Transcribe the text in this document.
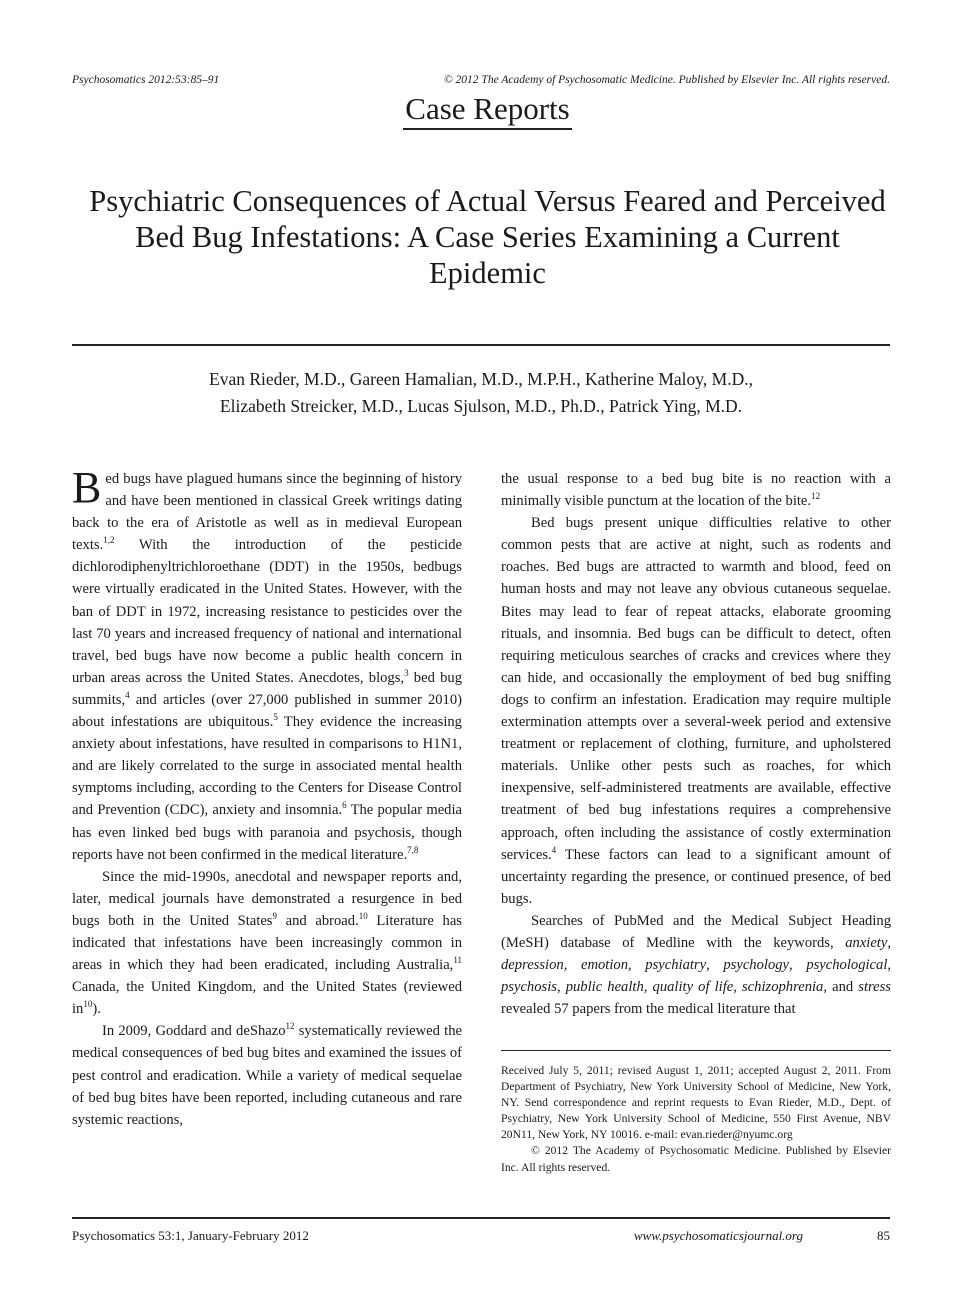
Psychosomatics 2012:53:85–91	© 2012 The Academy of Psychosomatic Medicine. Published by Elsevier Inc. All rights reserved.
Case Reports
Psychiatric Consequences of Actual Versus Feared and Perceived Bed Bug Infestations: A Case Series Examining a Current Epidemic
Evan Rieder, M.D., Gareen Hamalian, M.D., M.P.H., Katherine Maloy, M.D.,
Elizabeth Streicker, M.D., Lucas Sjulson, M.D., Ph.D., Patrick Ying, M.D.

Bed bugs have plagued humans since the beginning of history and have been mentioned in classical Greek writings dating back to the era of Aristotle as well as in medieval European texts.$^{1,2}$ With the introduction of the pesticide dichlorodiphenyltrichloroethane (DDT) in the 1950s, bedbugs were virtually eradicated in the United States. However, with the ban of DDT in 1972, increasing resistance to pesticides over the last 70 years and increased frequency of national and international travel, bed bugs have now become a public health concern in urban areas across the United States. Anecdotes, blogs,$^3$ bed bug summits,$^4$ and articles (over 27,000 published in summer 2010) about infestations are ubiquitous.$^5$ They evidence the increasing anxiety about infestations, have resulted in comparisons to H1N1, and are likely correlated to the surge in associated mental health symptoms including, according to the Centers for Disease Control and Prevention (CDC), anxiety and insomnia.$^6$ The popular media has even linked bed bugs with paranoia and psychosis, though reports have not been confirmed in the medical literature.$^{7,8}$

Since the mid-1990s, anecdotal and newspaper reports and, later, medical journals have demonstrated a resurgence in bed bugs both in the United States$^9$ and abroad.$^{10}$ Literature has indicated that infestations have been increasingly common in areas in which they had been eradicated, including Australia,$^{11}$ Canada, the United Kingdom, and the United States (reviewed $in^{10}$).

In 2009, Goddard and deShazo$^{12}$ systematically reviewed the medical consequences of bed bug bites and examined the issues of pest control and eradication. While a variety of medical sequelae of bed bug bites have been reported, including cutaneous and rare systemic reactions,

the usual response to a bed bug bite is no reaction with a minimally visible punctum at the location of the bite.$^{12}$

Bed bugs present unique difficulties relative to other common pests that are active at night, such as rodents and roaches. Bed bugs are attracted to warmth and blood, feed on human hosts and may not leave any obvious cutaneous sequelae. Bites may lead to fear of repeat attacks, elaborate grooming rituals, and insomnia. Bed bugs can be difficult to detect, often requiring meticulous searches of cracks and crevices where they can hide, and occasionally the employment of bed bug sniffing dogs to confirm an infestation. Eradication may require multiple extermination attempts over a several-week period and extensive treatment or replacement of clothing, furniture, and upholstered materials. Unlike other pests such as roaches, for which inexpensive, self-administered treatments are available, effective treatment of bed bug infestations requires a comprehensive approach, often including the assistance of costly extermination services.$^4$ These factors can lead to a significant amount of uncertainty regarding the presence, or continued presence, of bed bugs.

Searches of PubMed and the Medical Subject Heading (MeSH) database of Medline with the keywords, anxiety, depression, emotion, psychiatry, psychology, psychological, psychosis, public health, quality of life, schizophrenia, and stress revealed 57 papers from the medical literature that

Received July 5, 2011; revised August 1, 2011; accepted August 2, 2011. From Department of Psychiatry, New York University School of Medicine, New York, NY. Send correspondence and reprint requests to Evan Rieder, M.D., Dept. of Psychiatry, New York University School of Medicine, 550 First Avenue, NBV 20N11, New York, NY 10016. e-mail: evan.rieder@nyumc.org

© 2012 The Academy of Psychosomatic Medicine. Published by Elsevier Inc. All rights reserved.

Psychosomatics 53:1, January-February 2012	www.psychosomaticsjournal.org	85
